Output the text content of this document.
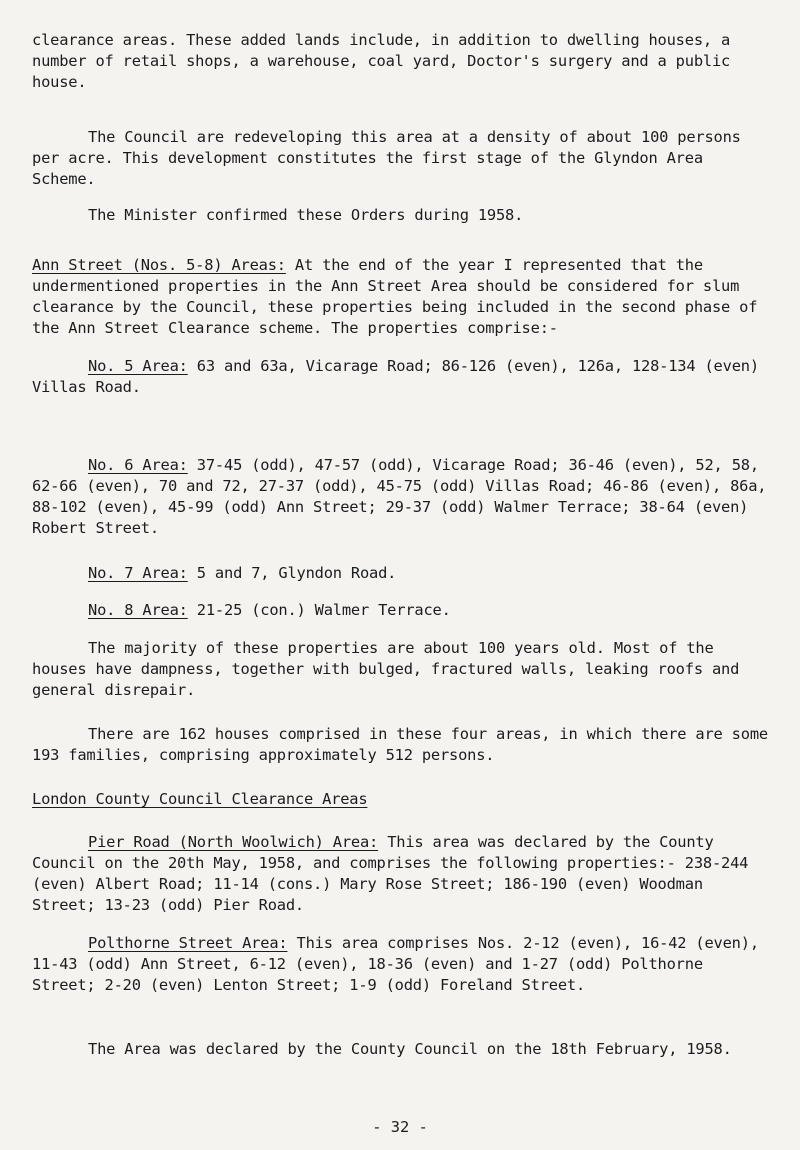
clearance areas. These added lands include, in addition to dwelling houses, a number of retail shops, a warehouse, coal yard, Doctor's surgery and a public house.
The Council are redeveloping this area at a density of about 100 persons per acre. This development constitutes the first stage of the Glyndon Area Scheme.
The Minister confirmed these Orders during 1958.
Ann Street (Nos. 5-8) Areas: At the end of the year I represented that the undermentioned properties in the Ann Street Area should be considered for slum clearance by the Council, these properties being included in the second phase of the Ann Street Clearance scheme. The properties comprise:-
No. 5 Area: 63 and 63a, Vicarage Road; 86-126 (even), 126a, 128-134 (even) Villas Road.
No. 6 Area: 37-45 (odd), 47-57 (odd), Vicarage Road; 36-46 (even), 52, 58, 62-66 (even), 70 and 72, 27-37 (odd), 45-75 (odd) Villas Road; 46-86 (even), 86a, 88-102 (even), 45-99 (odd) Ann Street; 29-37 (odd) Walmer Terrace; 38-64 (even) Robert Street.
No. 7 Area: 5 and 7, Glyndon Road.
No. 8 Area: 21-25 (con.) Walmer Terrace.
The majority of these properties are about 100 years old. Most of the houses have dampness, together with bulged, fractured walls, leaking roofs and general disrepair.
There are 162 houses comprised in these four areas, in which there are some 193 families, comprising approximately 512 persons.
London County Council Clearance Areas
Pier Road (North Woolwich) Area: This area was declared by the County Council on the 20th May, 1958, and comprises the following properties:- 238-244 (even) Albert Road; 11-14 (cons.) Mary Rose Street; 186-190 (even) Woodman Street; 13-23 (odd) Pier Road.
Polthorne Street Area: This area comprises Nos. 2-12 (even), 16-42 (even), 11-43 (odd) Ann Street, 6-12 (even), 18-36 (even) and 1-27 (odd) Polthorne Street; 2-20 (even) Lenton Street; 1-9 (odd) Foreland Street.
The Area was declared by the County Council on the 18th February, 1958.
- 32 -
